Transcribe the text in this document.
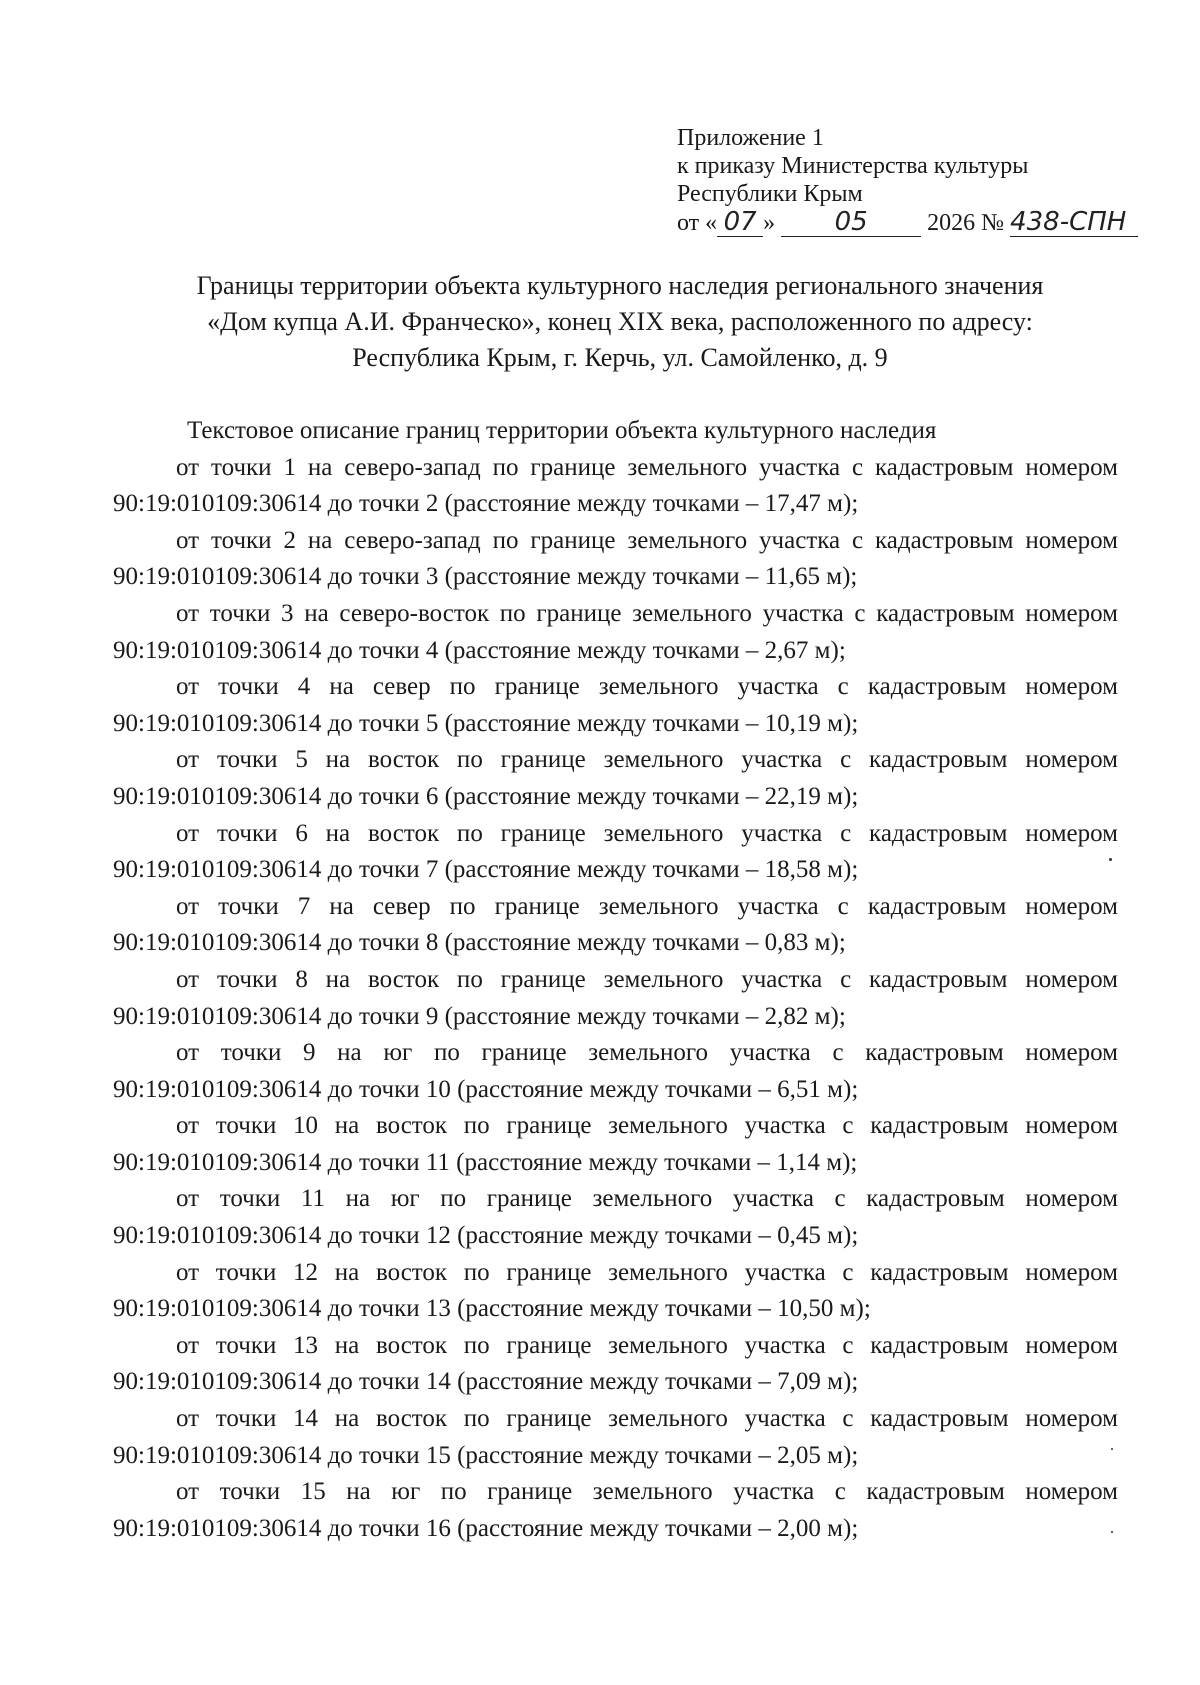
Приложение 1
к приказу Министерства культуры
Республики Крым
от « 07 » 05 2026 № 438-СПН
Границы территории объекта культурного наследия регионального значения
«Дом купца А.И. Франческо», конец XIX века, расположенного по адресу:
Республика Крым, г. Керчь, ул. Самойленко, д. 9

Текстовое описание границ территории объекта культурного наследия

от точки 1 на северо-запад по границе земельного участка с кадастровым номером 90:19:010109:30614 до точки 2 (расстояние между точками – 17,47 м);

от точки 2 на северо-запад по границе земельного участка с кадастровым номером 90:19:010109:30614 до точки 3 (расстояние между точками – 11,65 м);

от точки 3 на северо-восток по границе земельного участка с кадастровым номером 90:19:010109:30614 до точки 4 (расстояние между точками – 2,67 м);

от точки 4 на север по границе земельного участка с кадастровым номером 90:19:010109:30614 до точки 5 (расстояние между точками – 10,19 м);

от точки 5 на восток по границе земельного участка с кадастровым номером 90:19:010109:30614 до точки 6 (расстояние между точками – 22,19 м);

от точки 6 на восток по границе земельного участка с кадастровым номером 90:19:010109:30614 до точки 7 (расстояние между точками – 18,58 м);

от точки 7 на север по границе земельного участка с кадастровым номером 90:19:010109:30614 до точки 8 (расстояние между точками – 0,83 м);

от точки 8 на восток по границе земельного участка с кадастровым номером 90:19:010109:30614 до точки 9 (расстояние между точками – 2,82 м);

от точки 9 на юг по границе земельного участка с кадастровым номером 90:19:010109:30614 до точки 10 (расстояние между точками – 6,51 м);

от точки 10 на восток по границе земельного участка с кадастровым номером 90:19:010109:30614 до точки 11 (расстояние между точками – 1,14 м);

от точки 11 на юг по границе земельного участка с кадастровым номером 90:19:010109:30614 до точки 12 (расстояние между точками – 0,45 м);

от точки 12 на восток по границе земельного участка с кадастровым номером 90:19:010109:30614 до точки 13 (расстояние между точками – 10,50 м);

от точки 13 на восток по границе земельного участка с кадастровым номером 90:19:010109:30614 до точки 14 (расстояние между точками – 7,09 м);

от точки 14 на восток по границе земельного участка с кадастровым номером 90:19:010109:30614 до точки 15 (расстояние между точками – 2,05 м);

от точки 15 на юг по границе земельного участка с кадастровым номером 90:19:010109:30614 до точки 16 (расстояние между точками – 2,00 м);
